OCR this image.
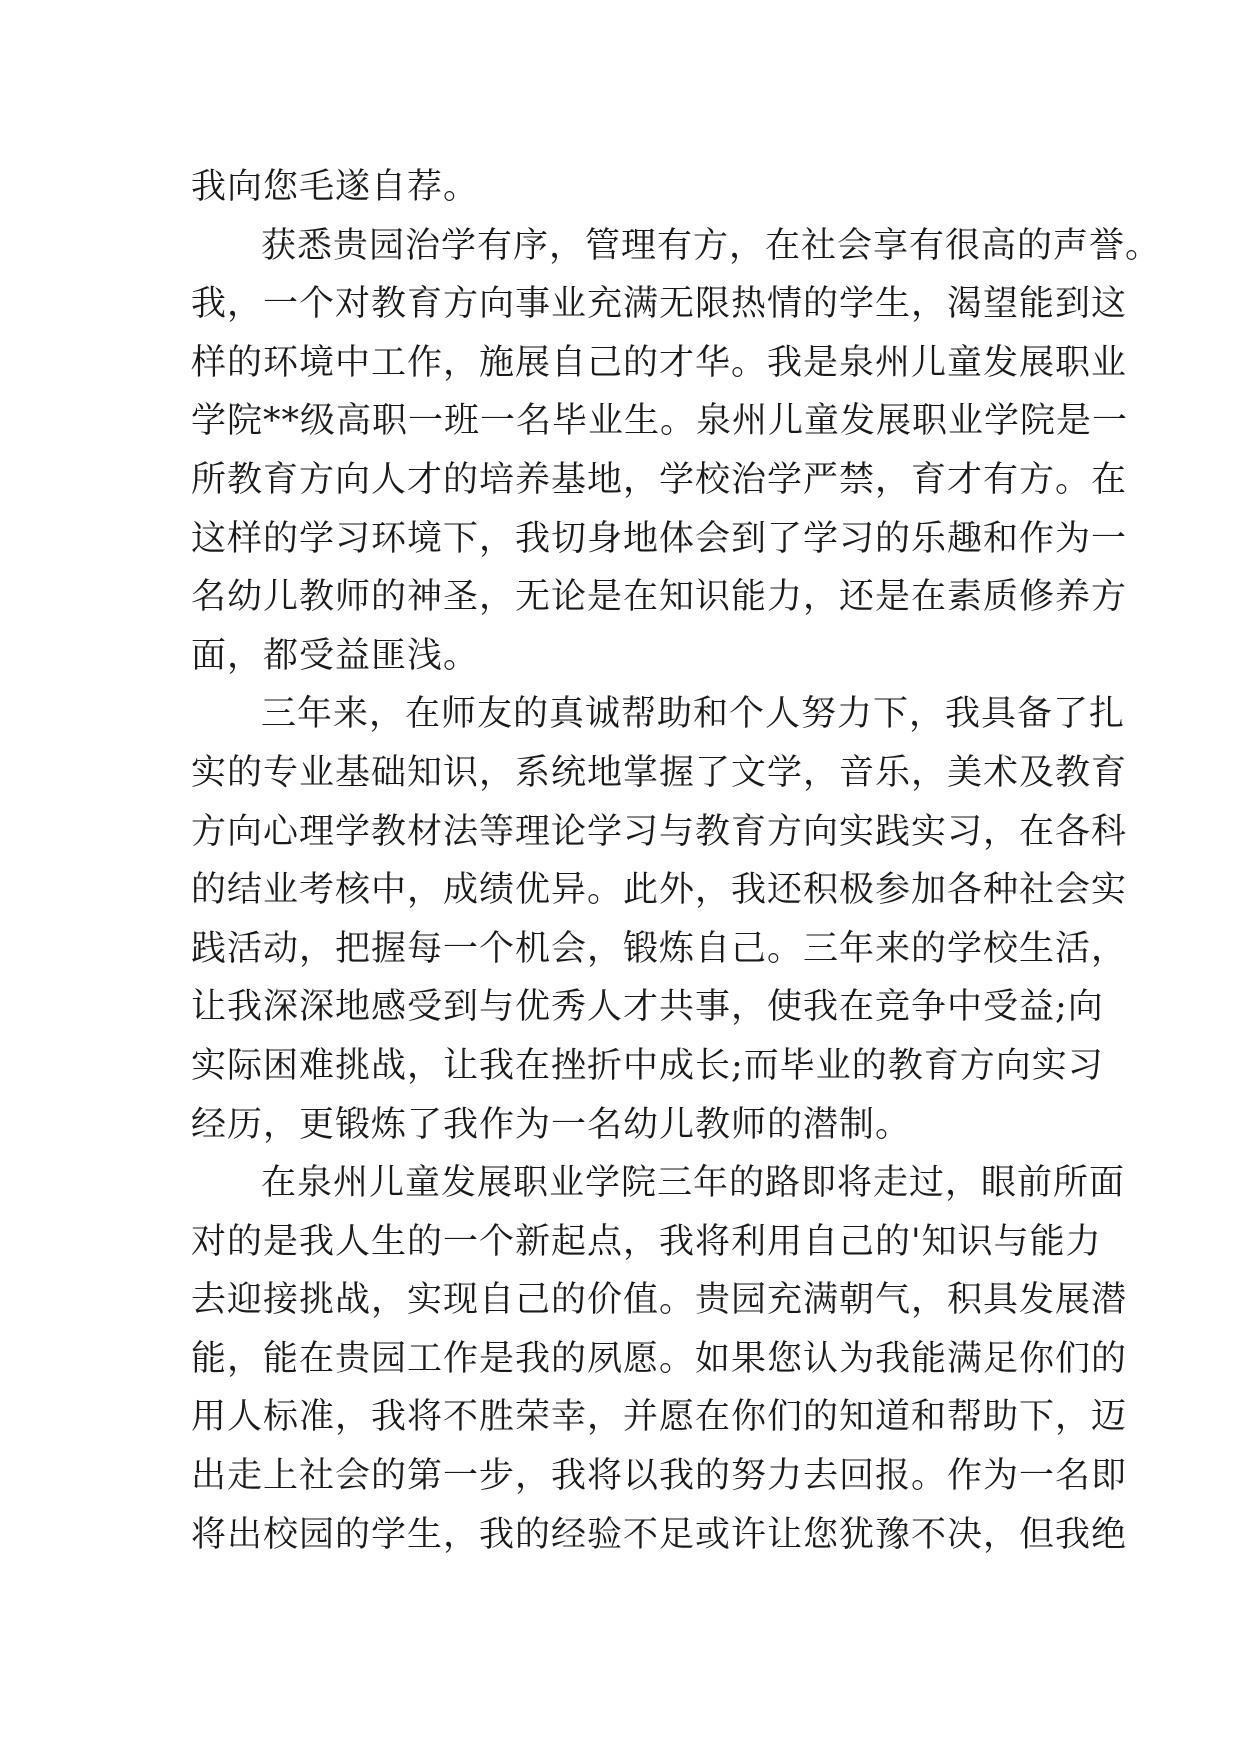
我向您毛遂自荐。
获悉贵园治学有序，管理有方，在社会享有很高的声誉。
我，一个对教育方向事业充满无限热情的学生，渴望能到这
样的环境中工作，施展自己的才华。我是泉州儿童发展职业
学院**级高职一班一名毕业生。泉州儿童发展职业学院是一
所教育方向人才的培养基地，学校治学严禁，育才有方。在
这样的学习环境下，我切身地体会到了学习的乐趣和作为一
名幼儿教师的神圣，无论是在知识能力，还是在素质修养方
面，都受益匪浅。
三年来，在师友的真诚帮助和个人努力下，我具备了扎
实的专业基础知识，系统地掌握了文学，音乐，美术及教育
方向心理学教材法等理论学习与教育方向实践实习，在各科
的结业考核中，成绩优异。此外，我还积极参加各种社会实
践活动，把握每一个机会，锻炼自己。三年来的学校生活，
让我深深地感受到与优秀人才共事，使我在竞争中受益;向
实际困难挑战，让我在挫折中成长;而毕业的教育方向实习
经历，更锻炼了我作为一名幼儿教师的潜制。
在泉州儿童发展职业学院三年的路即将走过，眼前所面
对的是我人生的一个新起点，我将利用自己的'知识与能力
去迎接挑战，实现自己的价值。贵园充满朝气，积具发展潜
能，能在贵园工作是我的夙愿。如果您认为我能满足你们的
用人标准，我将不胜荣幸，并愿在你们的知道和帮助下，迈
出走上社会的第一步，我将以我的努力去回报。作为一名即
将出校园的学生，我的经验不足或许让您犹豫不决，但我绝
